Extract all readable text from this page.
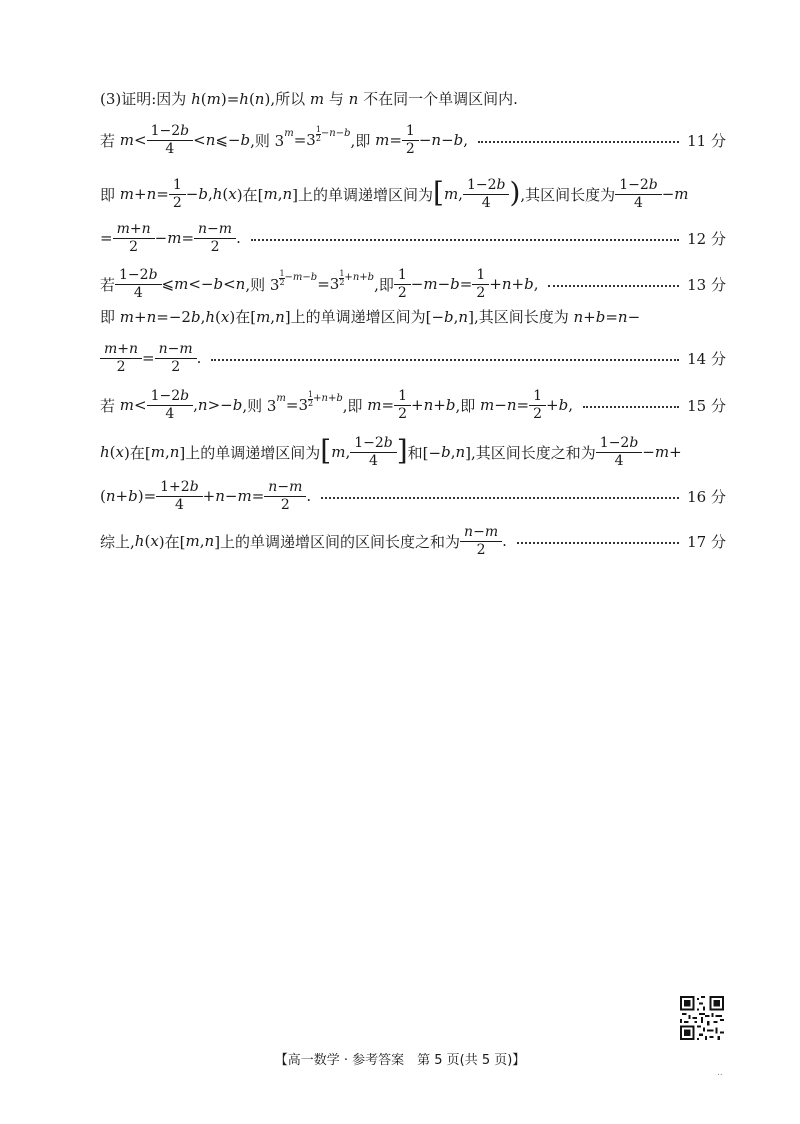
(3)证明:因为 h ( m )= h ( n ),所以 m 与 n 不在同一个单调区间内.
若 $m < \frac{1-2b}{4} < n$ ⩽− b ,则 3 m =3
1
2 −n−b ,即 $m = \frac{1}{2} - n - b$ ,	11 分
即 $m + n = \frac{1}{2} - b$ , h ( x )在[ m , n ]上的单调递增区间为 [ m , $\frac{1-2b}{4}$ ) ,其区间长度为 $\frac{1-2b}{4} - m$
= $\frac{m+n}{2} - m = \frac{n-m}{2}$ .	12 分
若 $\frac{1-2b}{4}$ ⩽ m <− b < n ,则 3
1
2 −m−b =3
1
2 +n+b ,即 $\frac{1}{2} - m - b = \frac{1}{2} + n + b$ ,	13 分
即 m + n =−2 b , h ( x )在[ m , n ]上的单调递增区间为[− b , n ],其区间长度为 n + b = n −
$\frac{m+n}{2} = \frac{n-m}{2}$ .	14 分
若 $m < \frac{1-2b}{4}$ , n >− b ,则 3 m =3
1
2 +n+b ,即 $m = \frac{1}{2} + n + b$ ,即 $m - n = \frac{1}{2} + b$ ,	15 分
h ( x )在[ m , n ]上的单调递增区间为 [ m , $\frac{1-2b}{4}$ ] 和[− b , n ],其区间长度之和为 $\frac{1-2b}{4} - m$ +
( n + b )= $\frac{1+2b}{4} + n - m = \frac{n-m}{2}$ .	16 分
综上, h ( x )在[ m , n ]上的单调递增区间的区间长度之和为 $\frac{n-m}{2}$ .	17 分
【高一数学 · 参考答案　第 5 页(共 5 页)】
..
